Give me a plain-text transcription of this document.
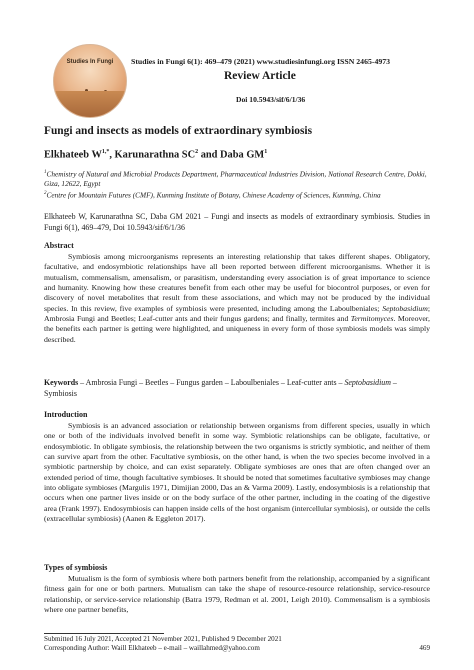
Studies In Fungi	Studies in Fungi 6(1): 469–479 (2021) www.studiesinfungi.org ISSN 2465-4973
Review Article
Doi 10.5943/sif/6/1/36
Fungi and insects as models of extraordinary symbiosis
Elkhateeb $W^{1,*}$, Karunarathna $SC^2$ and Daba $GM^1$
$^1$Chemistry of Natural and Microbial Products Department, Pharmaceutical Industries Division, National Research Centre, Dokki, Giza, 12622, Egypt
$^2$Centre for Mountain Futures (CMF), Kunming Institute of Botany, Chinese Academy of Sciences, Kunming, China
Elkhateeb W, Karunarathna SC, Daba GM 2021 – Fungi and insects as models of extraordinary symbiosis. Studies in Fungi 6(1), 469–479, Doi 10.5943/sif/6/1/36
Abstract

Symbiosis among microorganisms represents an interesting relationship that takes different shapes. Obligatory, facultative, and endosymbiotic relationships have all been reported between different microorganisms. Whether it is mutualism, commensalism, amensalism, or parasitism, understanding every association is of great importance to science and humanity. Knowing how these creatures benefit from each other may be useful for biocontrol purposes, or even for discovery of novel metabolites that result from these associations, and which may not be produced by the individual species. In this review, five examples of symbiosis were presented, including among the Laboulbeniales; Septobasidium; Ambrosia Fungi and Beetles; Leaf-cutter ants and their fungus gardens; and finally, termites and Termitomyces. Moreover, the benefits each partner is getting were highlighted, and uniqueness in every form of those symbiosis models was simply described.

Keywords – Ambrosia Fungi – Beetles – Fungus garden – Laboulbeniales – Leaf-cutter ants – Septobasidium – Symbiosis
Introduction

Symbiosis is an advanced association or relationship between organisms from different species, usually in which one or both of the individuals involved benefit in some way. Symbiotic relationships can be obligate, facultative, or endosymbiotic. In obligate symbiosis, the relationship between the two organisms is strictly symbiotic, and neither of them can survive apart from the other. Facultative symbiosis, on the other hand, is when the two species become involved in a symbiotic partnership by choice, and can exist separately. Obligate symbioses are ones that are often changed over an extended period of time, though facultative symbioses. It should be noted that sometimes facultative symbioses may change into obligate symbioses (Margulis 1971, Dimijian 2000, Das an & Varma 2009). Lastly, endosymbiosis is a relationship that occurs when one partner lives inside or on the body surface of the other partner, including in the coating of the digestive area (Frank 1997). Endosymbiosis can happen inside cells of the host organism (intercellular symbiosis), or outside the cells (extracellular symbiosis) (Aanen & Eggleton 2017).

Types of symbiosis

Mutualism is the form of symbiosis where both partners benefit from the relationship, accompanied by a significant fitness gain for one or both partners. Mutualism can take the shape of resource-resource relationship, service-resource relationship, or service-service relationship (Batra 1979, Redman et al. 2001, Leigh 2010). Commensalism is a symbiosis where one partner benefits,

Submitted 16 July 2021, Accepted 21 November 2021, Published 9 December 2021
Corresponding Author: Waill Elkhateeb – e-mail – waillahmed@yahoo.com	469
